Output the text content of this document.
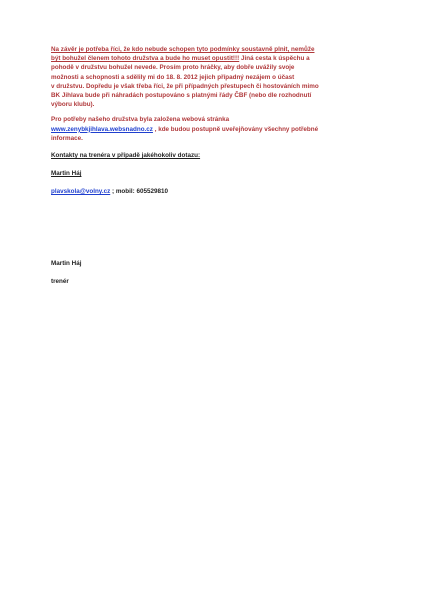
Na závěr je potřeba říci, že kdo nebude schopen tyto podmínky soustavně plnit, nemůže
být bohužel členem tohoto družstva a bude ho muset opustit!!! Jiná cesta k úspěchu a
pohodě v družstvu bohužel nevede. Prosím proto hráčky, aby dobře uvážily svoje
možnosti a schopnosti a sdělily mi do 18. 8. 2012 jejich případný nezájem o účast
v družstvu. Dopředu je však třeba říci, že při případných přestupech či hostováních mimo
BK Jihlava bude při náhradách postupováno s platnými řády ČBF (nebo dle rozhodnutí
výboru klubu).

Pro potřeby našeho družstva byla založena webová stránka
www.zenybkjihlava.websnadno.cz , kde budou postupně uveřejňovány všechny potřebné
informace.

Kontakty na trenéra v případě jakéhokoliv dotazu:

Martin Háj

plavskola@volny.cz ; mobil: 605529810

Martin Háj

trenér
